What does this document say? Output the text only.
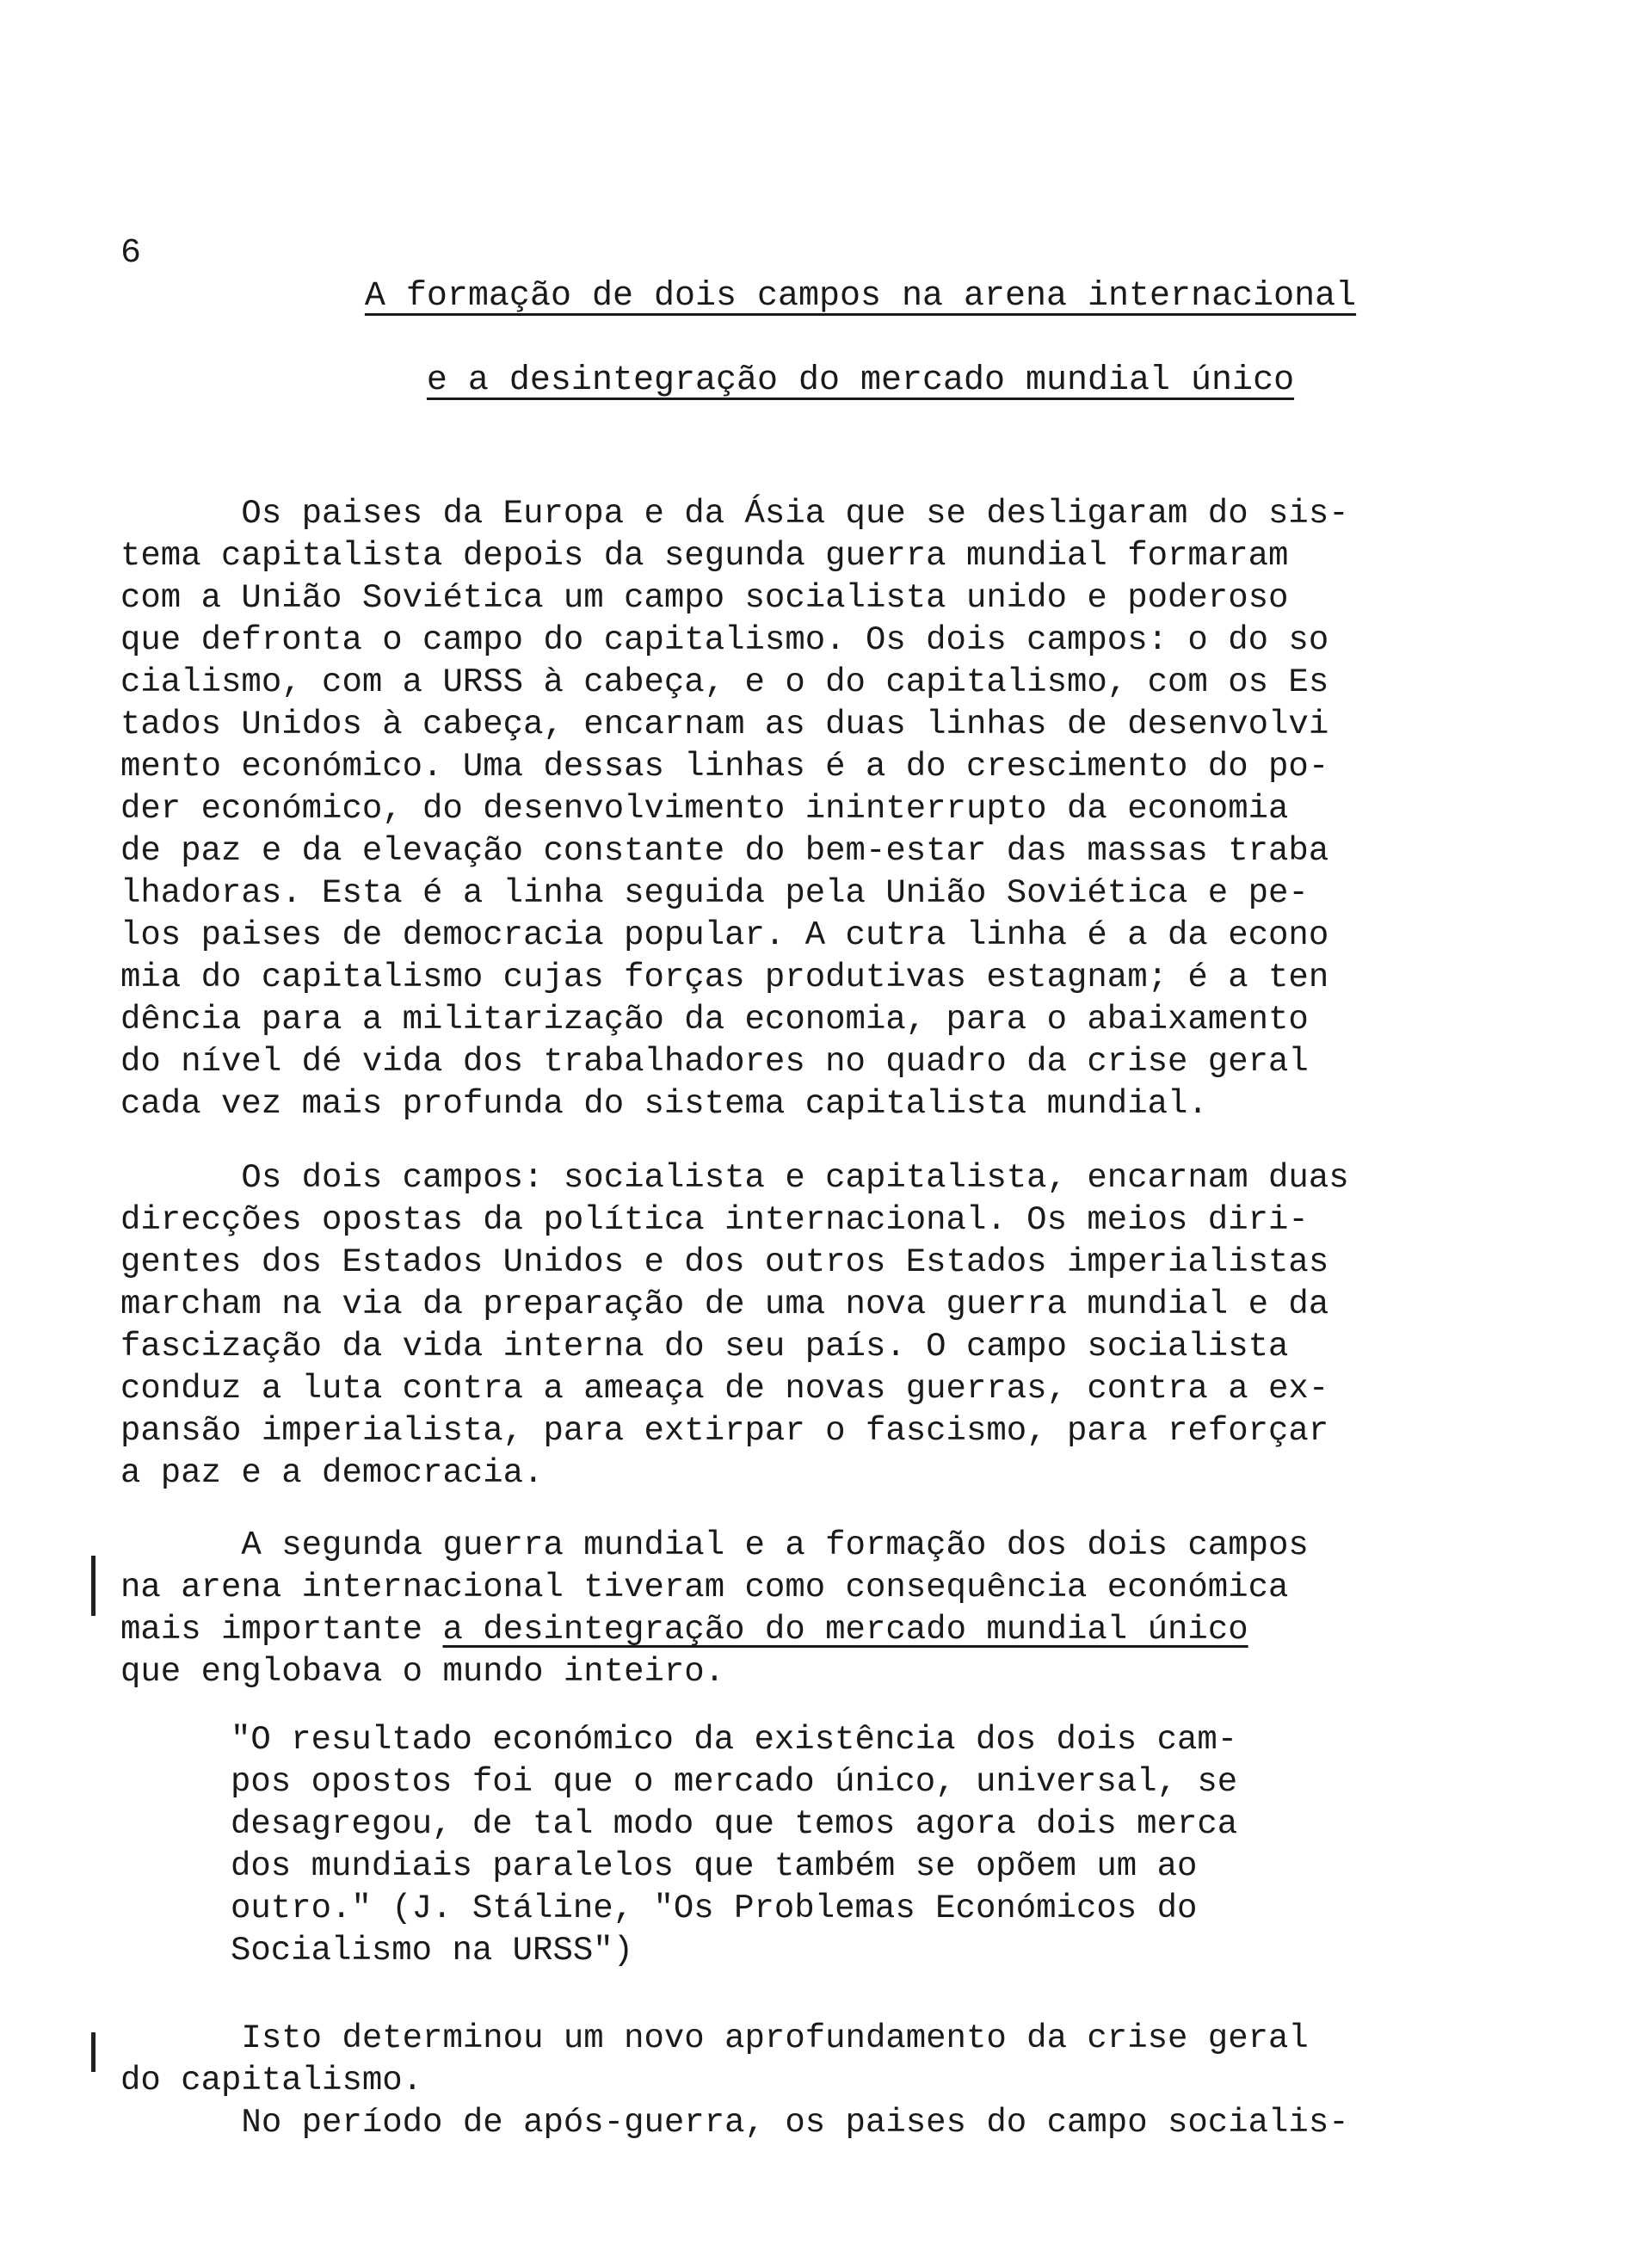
6
A formação de dois campos na arena internacional
e a desintegração do mercado mundial único
Os paises da Europa e da Ásia que se desligaram do sis-
tema capitalista depois da segunda guerra mundial formaram
com a União Soviética um campo socialista unido e poderoso
que defronta o campo do capitalismo. Os dois campos: o do so
cialismo, com a URSS à cabeça, e o do capitalismo, com os Es
tados Unidos à cabeça, encarnam as duas linhas de desenvolvi
mento económico. Uma dessas linhas é a do crescimento do po-
der económico, do desenvolvimento ininterrupto da economia
de paz e da elevação constante do bem-estar das massas traba
lhadoras. Esta é a linha seguida pela União Soviética e pe-
los paises de democracia popular. A cutra linha é a da econo
mia do capitalismo cujas forças produtivas estagnam; é a ten
dência para a militarização da economia, para o abaixamento
do nível dé vida dos trabalhadores no quadro da crise geral
cada vez mais profunda do sistema capitalista mundial.
Os dois campos: socialista e capitalista, encarnam duas
direcções opostas da política internacional. Os meios diri-
gentes dos Estados Unidos e dos outros Estados imperialistas
marcham na via da preparação de uma nova guerra mundial e da
fascização da vida interna do seu país. O campo socialista
conduz a luta contra a ameaça de novas guerras, contra a ex-
pansão imperialista, para extirpar o fascismo, para reforçar
a paz e a democracia.
A segunda guerra mundial e a formação dos dois campos
na arena internacional tiveram como consequência económica
mais importante a desintegração do mercado mundial único
que englobava o mundo inteiro.
"O resultado económico da existência dos dois cam-
pos opostos foi que o mercado único, universal, se
desagregou, de tal modo que temos agora dois merca
dos mundiais paralelos que também se opõem um ao
outro." (J. Stáline, "Os Problemas Económicos do
Socialismo na URSS")
Isto determinou um novo aprofundamento da crise geral
do capitalismo.
No período de após-guerra, os paises do campo socialis-
